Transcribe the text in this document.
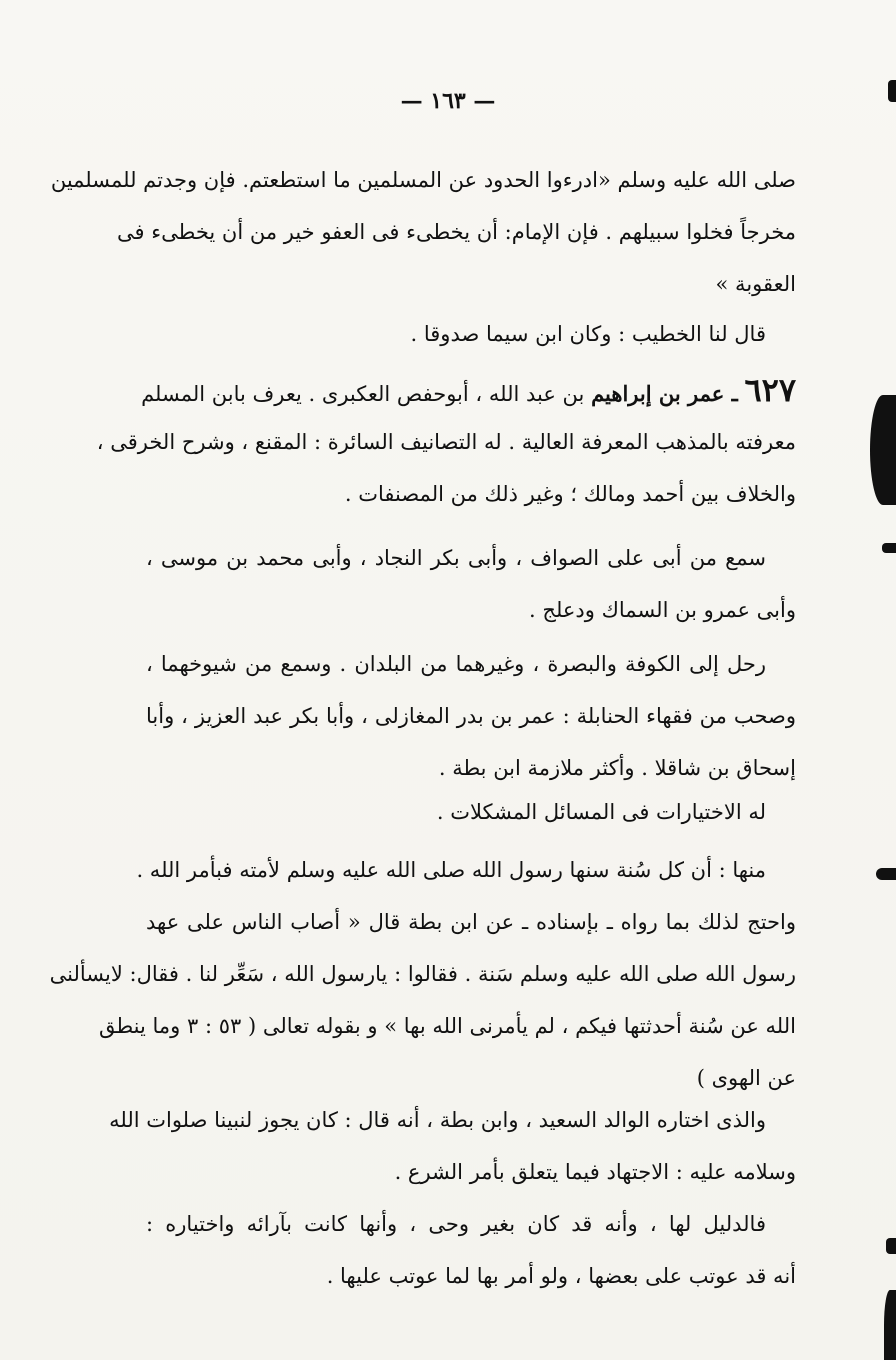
— ١٦٣ —
صلى الله عليه وسلم «ادرءوا الحدود عن المسلمين ما استطعتم. فإن وجدتم للمسلمين
مخرجاً فخلوا سبيلهم . فإن الإمام: أن يخطىء فى العفو خير من أن يخطىء فى
العقوبة »
قال لنا الخطيب : وكان ابن سيما صدوقا .
٦٢٧ ـ عمر بن إبراهيم بن عبد الله ، أبوحفص العكبرى . يعرف بابن المسلم
معرفته بالمذهب المعرفة العالية . له التصانيف السائرة : المقنع ، وشرح الخرقى ،
والخلاف بين أحمد ومالك ؛ وغير ذلك من المصنفات .
سمع من أبى على الصواف ، وأبى بكر النجاد ، وأبى محمد بن موسى ،
وأبى عمرو بن السماك ودعلج .
رحل إلى الكوفة والبصرة ، وغيرهما من البلدان . وسمع من شيوخهما ،
وصحب من فقهاء الحنابلة : عمر بن بدر المغازلى ، وأبا بكر عبد العزيز ، وأبا
إسحاق بن شاقلا . وأكثر ملازمة ابن بطة .
له الاختيارات فى المسائل المشكلات .
منها : أن كل سُنة سنها رسول الله صلى الله عليه وسلم لأمته فبأمر الله .
واحتج لذلك بما رواه ـ بإسناده ـ عن ابن بطة قال « أصاب الناس على عهد
رسول الله صلى الله عليه وسلم سَنة . فقالوا : يارسول الله ، سَعِّر لنا . فقال: لايسألنى
الله عن سُنة أحدثتها فيكم ، لم يأمرنى الله بها » و بقوله تعالى ( ٥٣ : ٣ وما ينطق
عن الهوى )
والذى اختاره الوالد السعيد ، وابن بطة ، أنه قال : كان يجوز لنبينا صلوات الله
وسلامه عليه : الاجتهاد فيما يتعلق بأمر الشرع .
فالدليل لها ، وأنه قد كان بغير وحى ، وأنها كانت بآرائه واختياره :
أنه قد عوتب على بعضها ، ولو أمر بها لما عوتب عليها .
